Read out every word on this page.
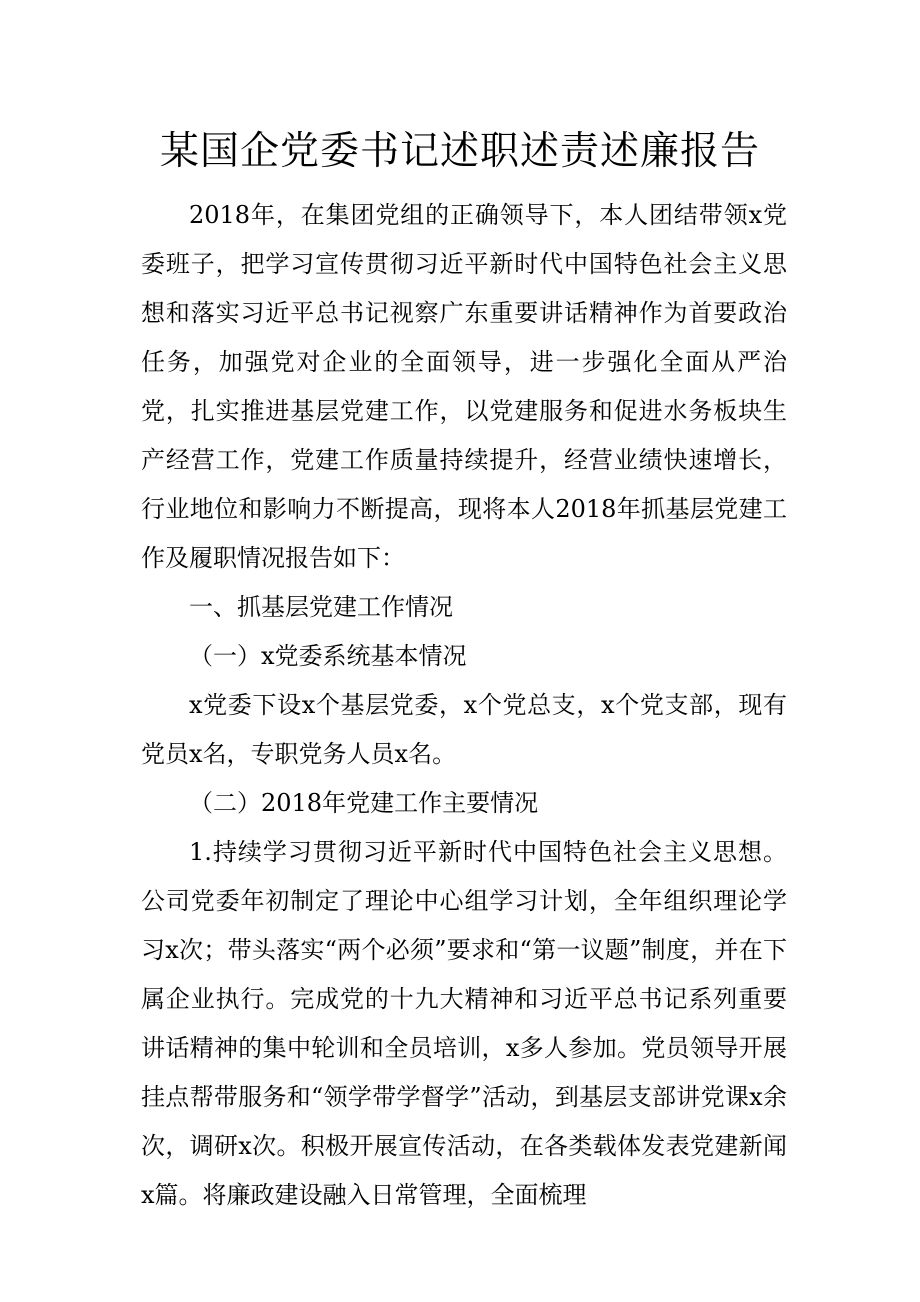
某国企党委书记述职述责述廉报告

2018年，在集团党组的正确领导下，本人团结带领x党委班子，把学习宣传贯彻习近平新时代中国特色社会主义思想和落实习近平总书记视察广东重要讲话精神作为首要政治任务，加强党对企业的全面领导，进一步强化全面从严治党，扎实推进基层党建工作，以党建服务和促进水务板块生产经营工作，党建工作质量持续提升，经营业绩快速增长，行业地位和影响力不断提高，现将本人2018年抓基层党建工作及履职情况报告如下：

一、抓基层党建工作情况

（一）x党委系统基本情况

x党委下设x个基层党委，x个党总支，x个党支部，现有党员x名，专职党务人员x名。

（二）2018年党建工作主要情况

1.持续学习贯彻习近平新时代中国特色社会主义思想。公司党委年初制定了理论中心组学习计划，全年组织理论学习x次；带头落实“两个必须”要求和“第一议题”制度，并在下属企业执行。完成党的十九大精神和习近平总书记系列重要讲话精神的集中轮训和全员培训，x多人参加。党员领导开展挂点帮带服务和“领学带学督学”活动，到基层支部讲党课x余次，调研x次。积极开展宣传活动，在各类载体发表党建新闻x篇。将廉政建设融入日常管理，全面梳理
